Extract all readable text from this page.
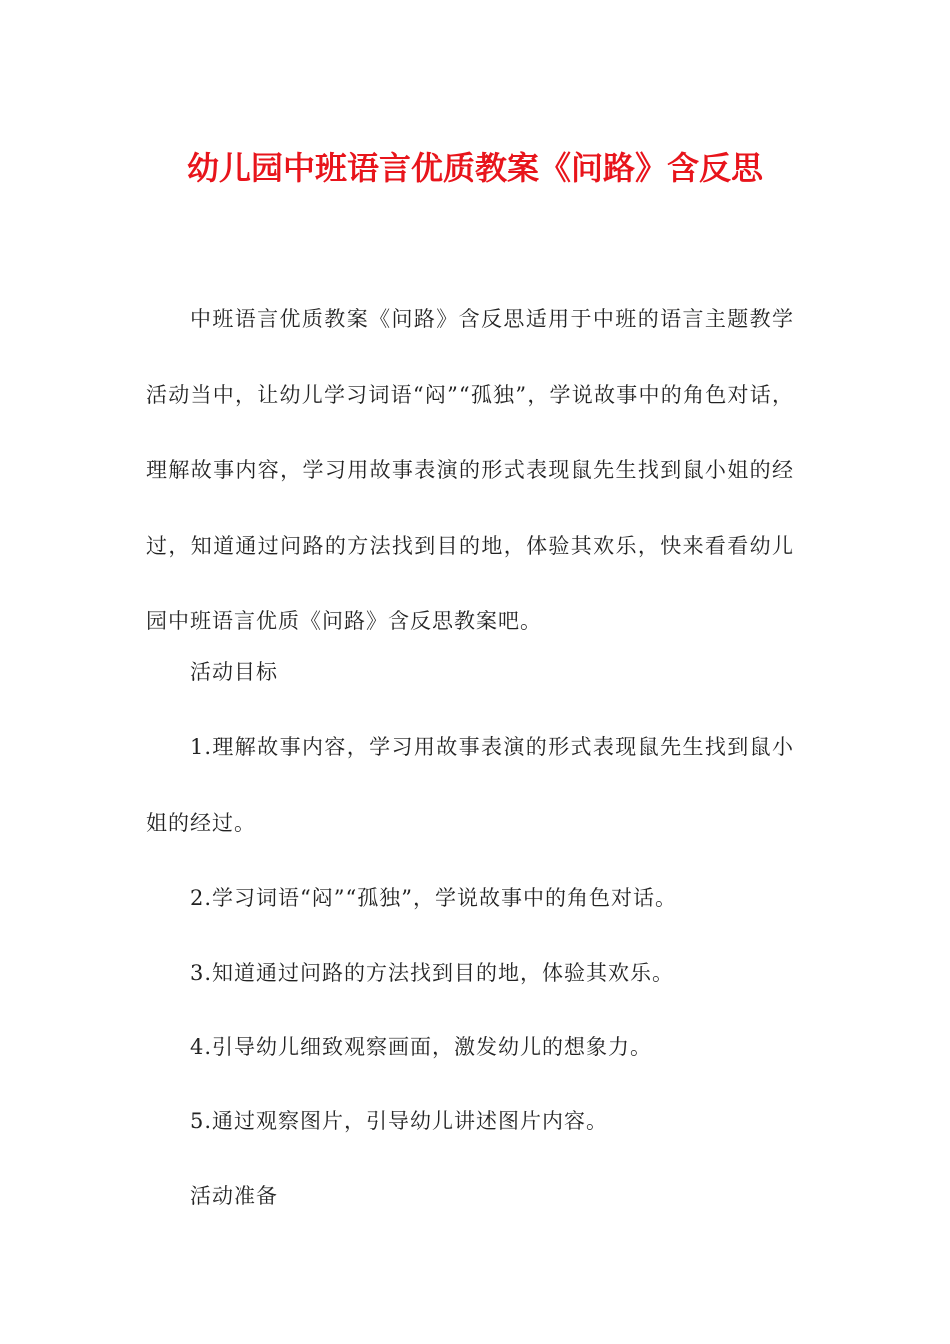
幼儿园中班语言优质教案《问路》含反思

中班语言优质教案《问路》含反思适用于中班的语言主题教学活动当中，让幼儿学习词语“闷”“孤独”，学说故事中的角色对话，理解故事内容，学习用故事表演的形式表现鼠先生找到鼠小姐的经过，知道通过问路的方法找到目的地，体验其欢乐，快来看看幼儿园中班语言优质《问路》含反思教案吧。

活动目标

1.理解故事内容，学习用故事表演的形式表现鼠先生找到鼠小姐的经过。

2.学习词语“闷”“孤独”，学说故事中的角色对话。

3.知道通过问路的方法找到目的地，体验其欢乐。

4.引导幼儿细致观察画面，激发幼儿的想象力。

5.通过观察图片，引导幼儿讲述图片内容。

活动准备
